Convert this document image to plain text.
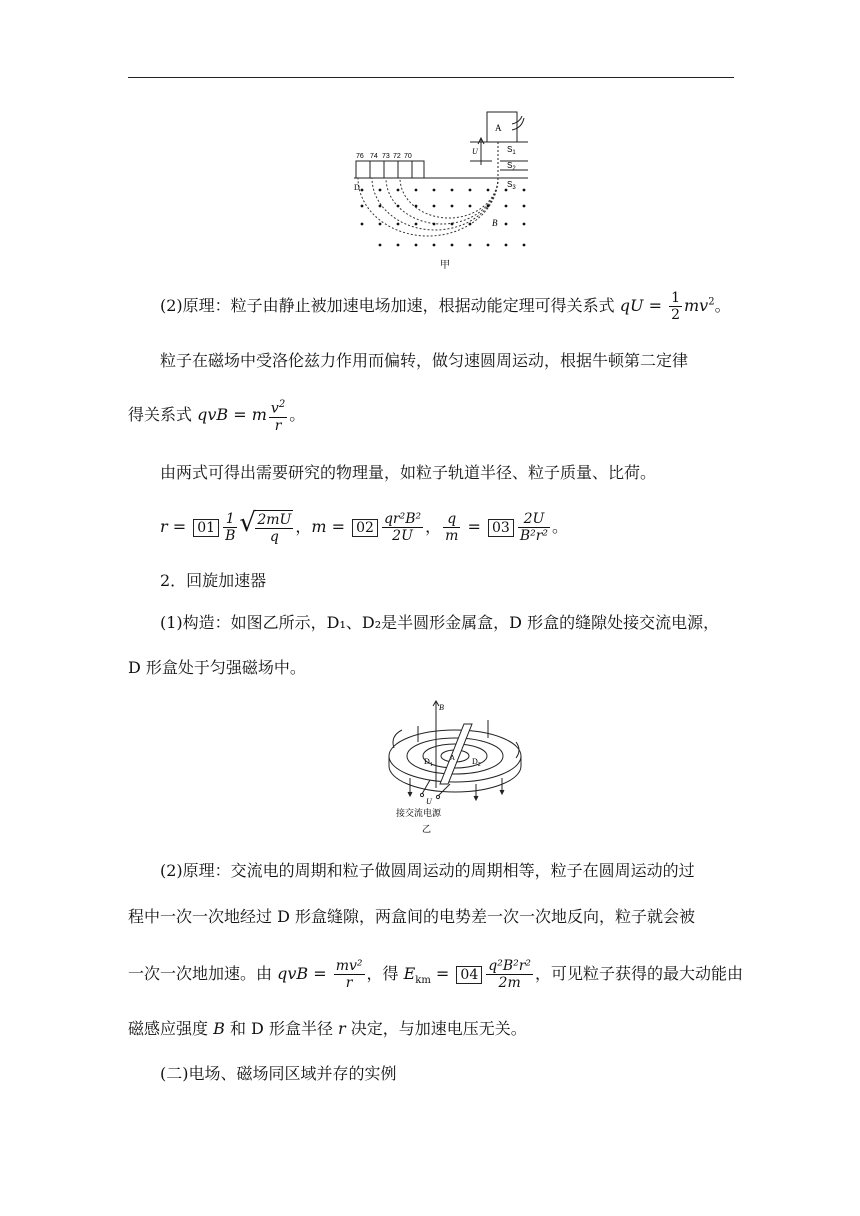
76 74 73 72 70
A
$S_1$
$S_2$
$S_3$
U
D
B
甲
(2)原理：粒子由静止被加速电场加速，根据动能定理可得关系式 qU = $\frac{1}{2} mv^2$。
粒子在磁场中受洛伦兹力作用而偏转，做匀速圆周运动，根据牛顿第二定律
得关系式 qvB = m $\frac{v^2}{r}$ 。
由两式可得出需要研究的物理量，如粒子轨道半径、粒子质量、比荷。
$r = 01 \frac{1}{B}$ √ $\frac{2mU}{q}$ ，$m = 02 \frac{\text{qr²B²}}{2U}$ ， $\frac{q}{m} = 03 \frac{2U}{\text{B²r²}}$ 。
2．回旋加速器
(1)构造：如图乙所示，D₁、D₂是半圆形金属盒，D 形盒的缝隙处接交流电源，
D 形盒处于匀强磁场中。
B
A
$D_1$	$D_2$
U
接交流电源
乙
(2)原理：交流电的周期和粒子做圆周运动的周期相等，粒子在圆周运动的过
程中一次一次地经过 D 形盒缝隙，两盒间的电势差一次一次地反向，粒子就会被
一次一次地加速。由 qvB = $\frac{\text{mv²}}{r}$ ，得 $E_{km} = 04 \frac{\text{q²B²r²}}{2m}$ ，可见粒子获得的最大动能由
磁感应强度 B 和 D 形盒半径 r 决定，与加速电压无关。
(二)电场、磁场同区域并存的实例
